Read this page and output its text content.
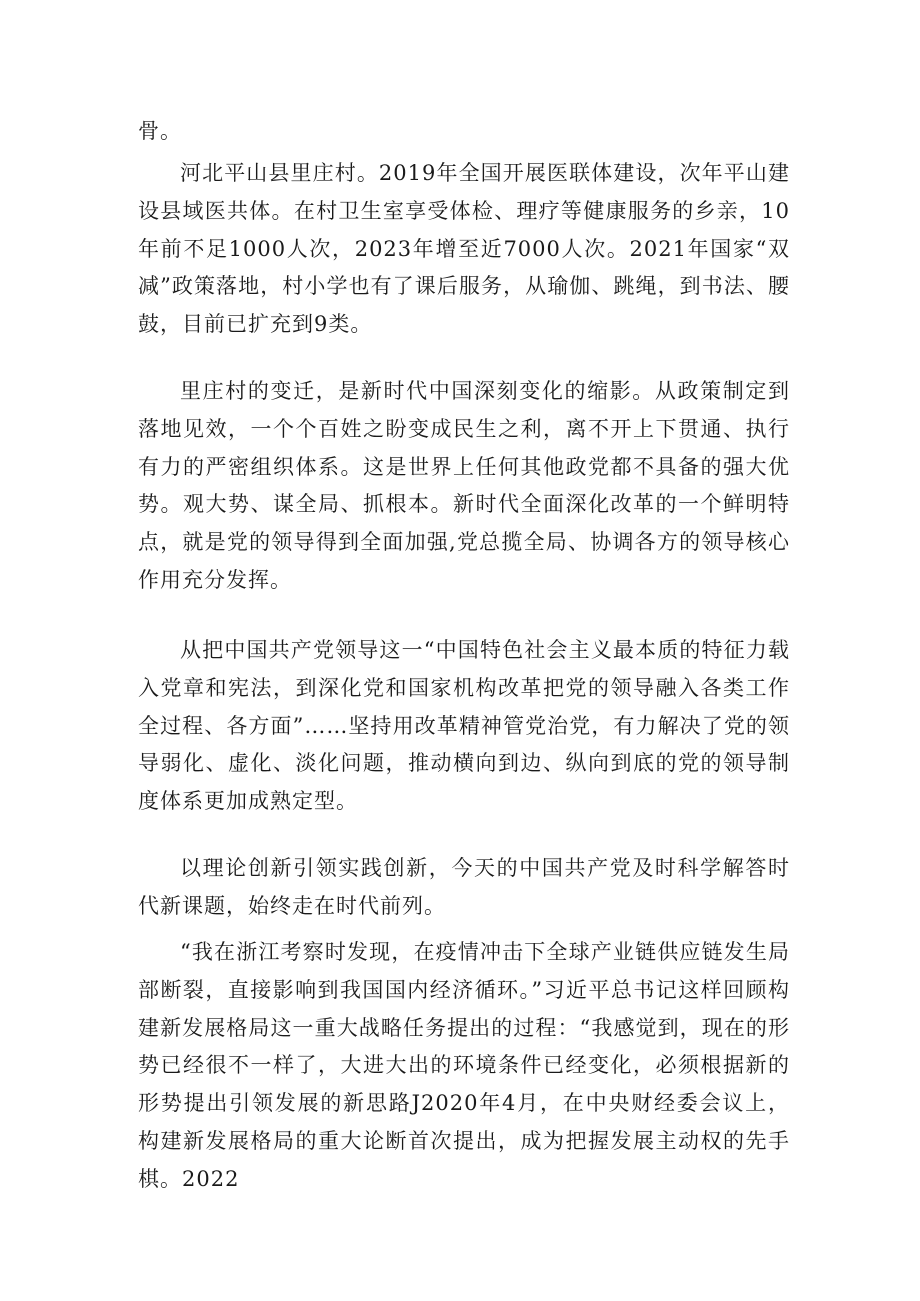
骨。

河北平山县里庄村。2019年全国开展医联体建设，次年平山建设县域医共体。在村卫生室享受体检、理疗等健康服务的乡亲，10年前不足1000人次，2023年增至近7000人次。2021年国家“双减”政策落地，村小学也有了课后服务，从瑜伽、跳绳，到书法、腰鼓，目前已扩充到9类。

里庄村的变迁，是新时代中国深刻变化的缩影。从政策制定到落地见效，一个个百姓之盼变成民生之利，离不开上下贯通、执行有力的严密组织体系。这是世界上任何其他政党都不具备的强大优势。观大势、谋全局、抓根本。新时代全面深化改革的一个鲜明特点，就是党的领导得到全面加强,党总揽全局、协调各方的领导核心作用充分发挥。

从把中国共产党领导这一“中国特色社会主义最本质的特征力载入党章和宪法，到深化党和国家机构改革把党的领导融入各类工作全过程、各方面”……坚持用改革精神管党治党，有力解决了党的领导弱化、虚化、淡化问题，推动横向到边、纵向到底的党的领导制度体系更加成熟定型。

以理论创新引领实践创新，今天的中国共产党及时科学解答时代新课题，始终走在时代前列。

“我在浙江考察时发现，在疫情冲击下全球产业链供应链发生局部断裂，直接影响到我国国内经济循环。”习近平总书记这样回顾构建新发展格局这一重大战略任务提出的过程：“我感觉到，现在的形势已经很不一样了，大进大出的环境条件已经变化，必须根据新的形势提出引领发展的新思路J2020年4月，在中央财经委会议上，构建新发展格局的重大论断首次提出，成为把握发展主动权的先手棋。2022
